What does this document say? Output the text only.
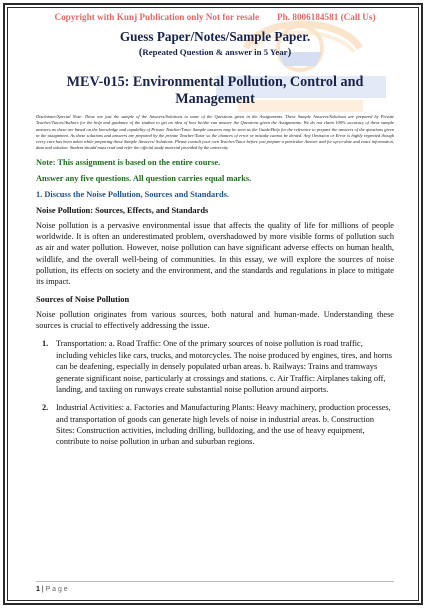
Copyright with Kunj Publication only Not for resale Ph. 8006184581 (Call Us)

Guess Paper/Notes/Sample Paper.

(Repeated Question & answer in 5 Year)

MEV-015: Environmental Pollution, Control and Management

Disclaimer/Special Note: These are just the sample of the Answers/Solutions to some of the Questions given in the Assignments. These Sample Answers/Solutions are prepared by Private Teacher/Tutors/Authors for the help and guidance of the student to get an idea of how he/she can answer the Questions given the Assignments. We do not claim 100% accuracy of these sample answers as these are based on the knowledge and capability of Private Teacher/Tutor. Sample answers may be seen as the Guide/Help for the reference to prepare the answers of the questions given in the assignment. As these solutions and answers are prepared by the private Teacher/Tutor so the chances of error or mistake cannot be denied. Any Omission or Error is highly regretted though every care has been taken while preparing these Sample Answers/ Solutions. Please consult your own Teacher/Tutor before you prepare a particular Answer and for up-to-date and exact information, data and solution. Student should must read and refer the official study material provided by the university

Note: This assignment is based on the entire course.

Answer any five questions. All question carries equal marks.

1. Discuss the Noise Pollution, Sources and Standards.

Noise Pollution: Sources, Effects, and Standards

Noise pollution is a pervasive environmental issue that affects the quality of life for millions of people worldwide. It is often an underestimated problem, overshadowed by more visible forms of pollution such as air and water pollution. However, noise pollution can have significant adverse effects on human health, wildlife, and the overall well-being of communities. In this essay, we will explore the sources of noise pollution, its effects on society and the environment, and the standards and regulations in place to mitigate its impact.

Sources of Noise Pollution

Noise pollution originates from various sources, both natural and human-made. Understanding these sources is crucial to effectively addressing the issue.

1. Transportation: a. Road Traffic: One of the primary sources of noise pollution is road traffic, including vehicles like cars, trucks, and motorcycles. The noise produced by engines, tires, and horns can be deafening, especially in densely populated urban areas. b. Railways: Trains and tramways generate significant noise, particularly at crossings and stations. c. Air Traffic: Airplanes taking off, landing, and taxiing on runways create substantial noise pollution around airports.
2. Industrial Activities: a. Factories and Manufacturing Plants: Heavy machinery, production processes, and transportation of goods can generate high levels of noise in industrial areas. b. Construction Sites: Construction activities, including drilling, bulldozing, and the use of heavy equipment, contribute to noise pollution in urban and suburban regions.
1 | P a g e
